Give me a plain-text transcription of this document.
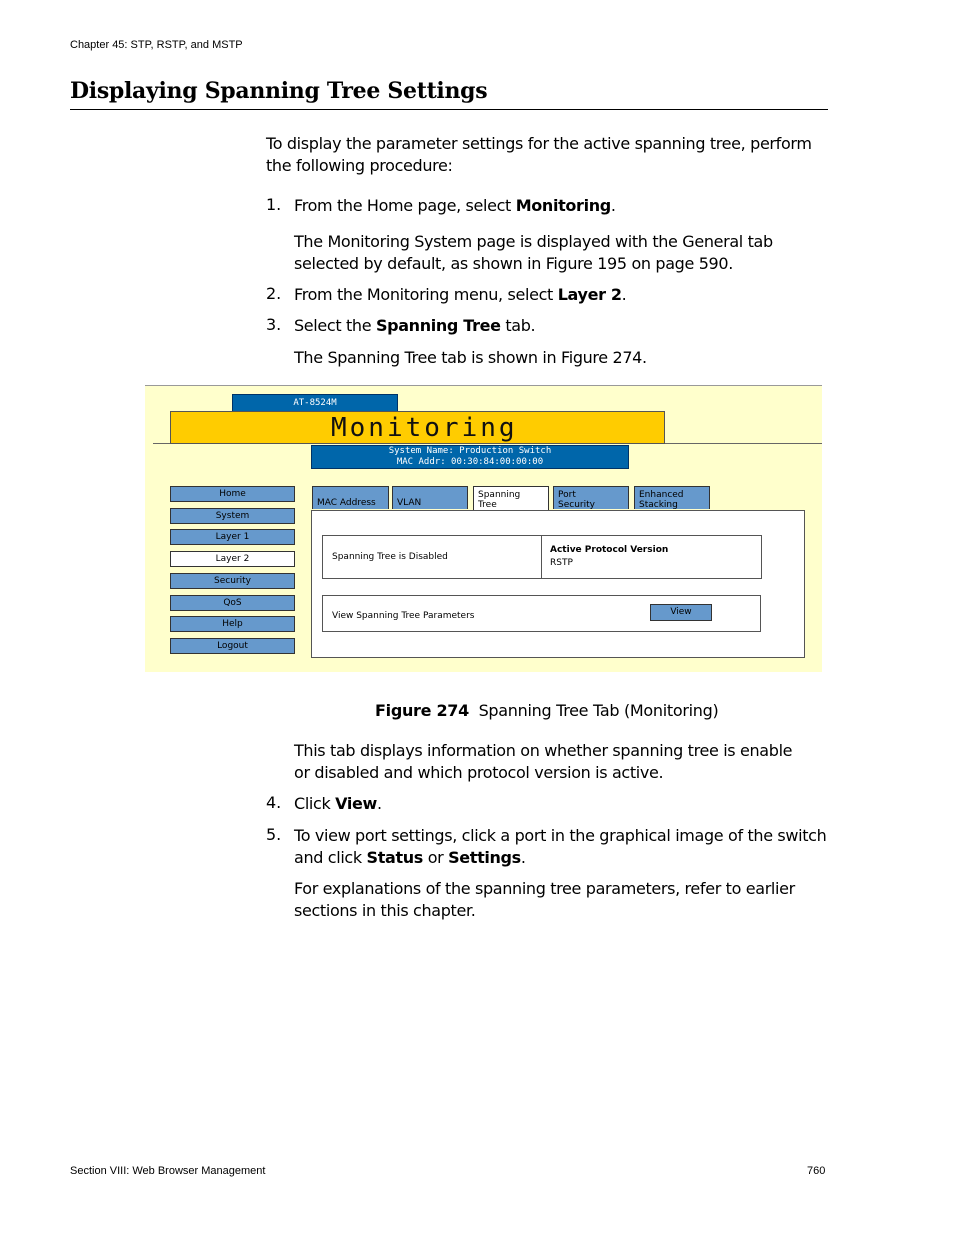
Chapter 45: STP, RSTP, and MSTP
Displaying Spanning Tree Settings
To display the parameter settings for the active spanning tree, perform
the following procedure:
1. From the Home page, select Monitoring.
The Monitoring System page is displayed with the General tab
selected by default, as shown in Figure 195 on page 590.
2. From the Monitoring menu, select Layer 2.
3. Select the Spanning Tree tab.
The Spanning Tree tab is shown in Figure 274.
AT-8524M
Monitoring
System Name: Production Switch
MAC Addr: 00:30:84:00:00:00
Home
System
Layer 1
Layer 2
Security
QoS
Help
Logout
MAC Address	VLAN
Spanning
Tree
Port
Security
Enhanced
Stacking
Spanning Tree is Disabled
Active Protocol Version
RSTP
View Spanning Tree Parameters	View
Figure 274 Spanning Tree Tab (Monitoring)
This tab displays information on whether spanning tree is enable
or disabled and which protocol version is active.
4. Click View.
5. To view port settings, click a port in the graphical image of the switch
and click Status or Settings.
For explanations of the spanning tree parameters, refer to earlier
sections in this chapter.
Section VIII: Web Browser Management	760
